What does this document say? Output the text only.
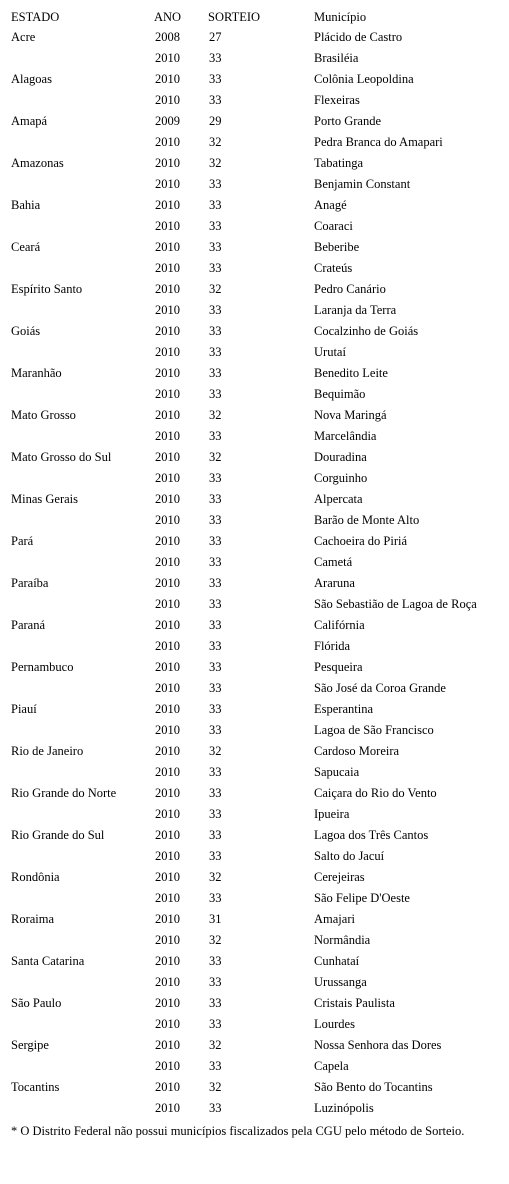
ESTADO	ANO	SORTEIO	Município
Acre	2008	27	Plácido de Castro
	2010	33	Brasiléia
Alagoas	2010	33	Colônia Leopoldina
	2010	33	Flexeiras
Amapá	2009	29	Porto Grande
	2010	32	Pedra Branca do Amapari
Amazonas	2010	32	Tabatinga
	2010	33	Benjamin Constant
Bahia	2010	33	Anagé
	2010	33	Coaraci
Ceará	2010	33	Beberibe
	2010	33	Crateús
Espírito Santo	2010	32	Pedro Canário
	2010	33	Laranja da Terra
Goiás	2010	33	Cocalzinho de Goiás
	2010	33	Urutaí
Maranhão	2010	33	Benedito Leite
	2010	33	Bequimão
Mato Grosso	2010	32	Nova Maringá
	2010	33	Marcelândia
Mato Grosso do Sul	2010	32	Douradina
	2010	33	Corguinho
Minas Gerais	2010	33	Alpercata
	2010	33	Barão de Monte Alto
Pará	2010	33	Cachoeira do Piriá
	2010	33	Cametá
Paraíba	2010	33	Araruna
	2010	33	São Sebastião de Lagoa de Roça
Paraná	2010	33	Califórnia
	2010	33	Flórida
Pernambuco	2010	33	Pesqueira
	2010	33	São José da Coroa Grande
Piauí	2010	33	Esperantina
	2010	33	Lagoa de São Francisco
Rio de Janeiro	2010	32	Cardoso Moreira
	2010	33	Sapucaia
Rio Grande do Norte	2010	33	Caiçara do Rio do Vento
	2010	33	Ipueira
Rio Grande do Sul	2010	33	Lagoa dos Três Cantos
	2010	33	Salto do Jacuí
Rondônia	2010	32	Cerejeiras
	2010	33	São Felipe D'Oeste
Roraima	2010	31	Amajari
	2010	32	Normândia
Santa Catarina	2010	33	Cunhataí
	2010	33	Urussanga
São Paulo	2010	33	Cristais Paulista
	2010	33	Lourdes
Sergipe	2010	32	Nossa Senhora das Dores
	2010	33	Capela
Tocantins	2010	32	São Bento do Tocantins
	2010	33	Luzinópolis
* O Distrito Federal não possui municípios fiscalizados pela CGU pelo método de Sorteio.
